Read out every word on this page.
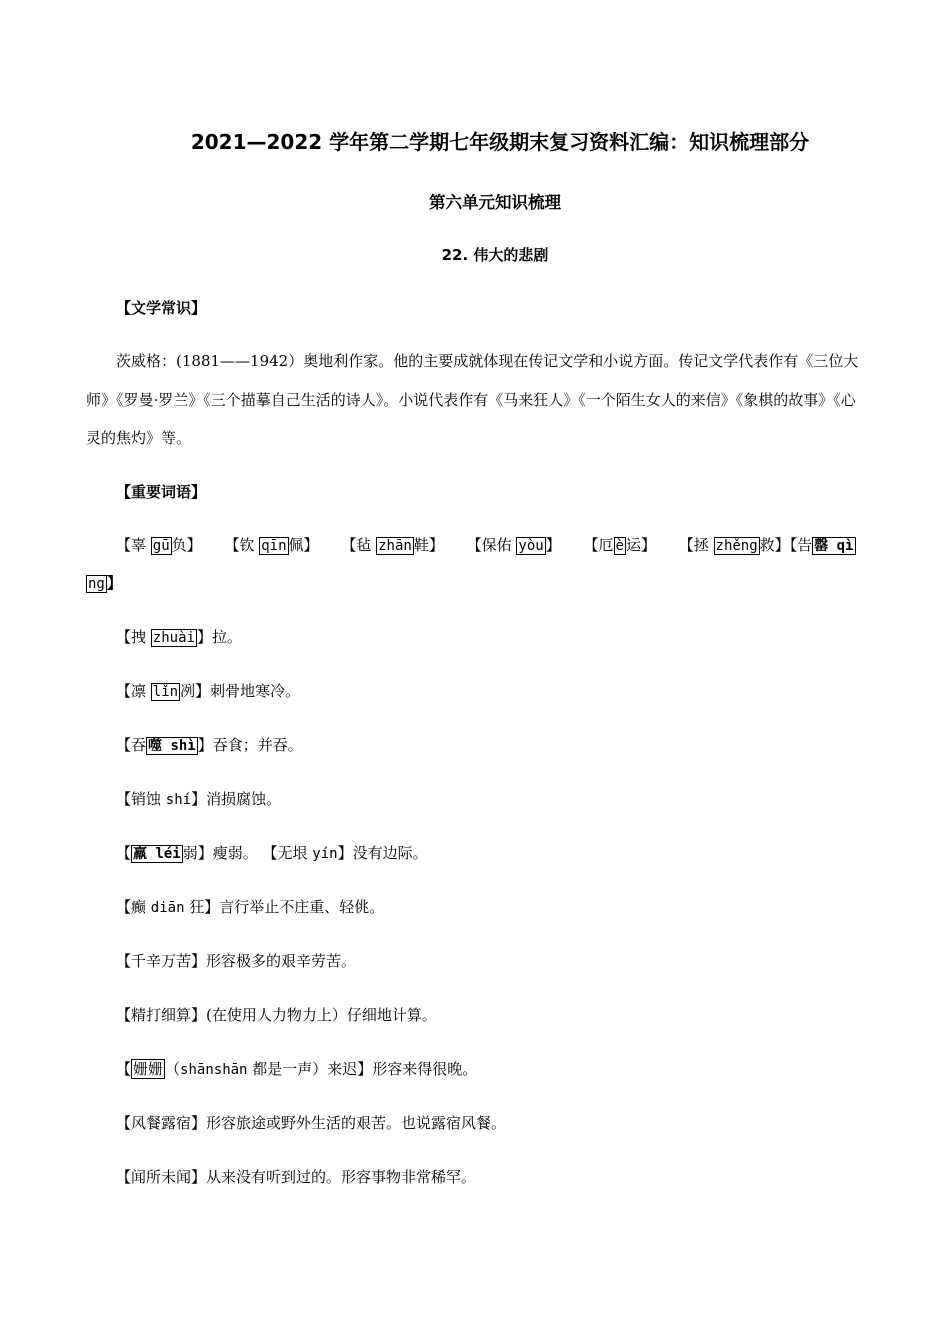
2021—2022 学年第二学期七年级期末复习资料汇编：知识梳理部分
第六单元知识梳理
22. 伟大的悲剧
【文学常识】
茨威格：(1881——1942）奥地利作家。他的主要成就体现在传记文学和小说方面。传记文学代表作有《三位大师》《罗曼·罗兰》《三个描摹自己生活的诗人》。小说代表作有《马来狂人》《一个陌生女人的来信》《象棋的故事》《心灵的焦灼》等。
【重要词语】
【辜 gū 负】 【钦 qīn 佩】 【毡 zhān 鞋】 【保佑 yòu 】 【厄 è 运】 【拯 zhěng 救】【告 罄 qì
ng 】
【拽 zhuài 】拉。
【凛 lǐn 冽】刺骨地寒冷。
【吞 噬 shì 】吞食；并吞。
【销蚀 shí】消损腐蚀。
【 羸 léi 弱】瘦弱。 【无垠 yín】没有边际。
【癫 diān 狂】言行举止不庄重、轻佻。
【千辛万苦】形容极多的艰辛劳苦。
【精打细算】(在使用人力物力上）仔细地计算。
【 姗姗 （shānshān 都是一声）来迟】形容来得很晚。
【风餐露宿】形容旅途或野外生活的艰苦。也说露宿风餐。
【闻所未闻】从来没有听到过的。形容事物非常稀罕。
